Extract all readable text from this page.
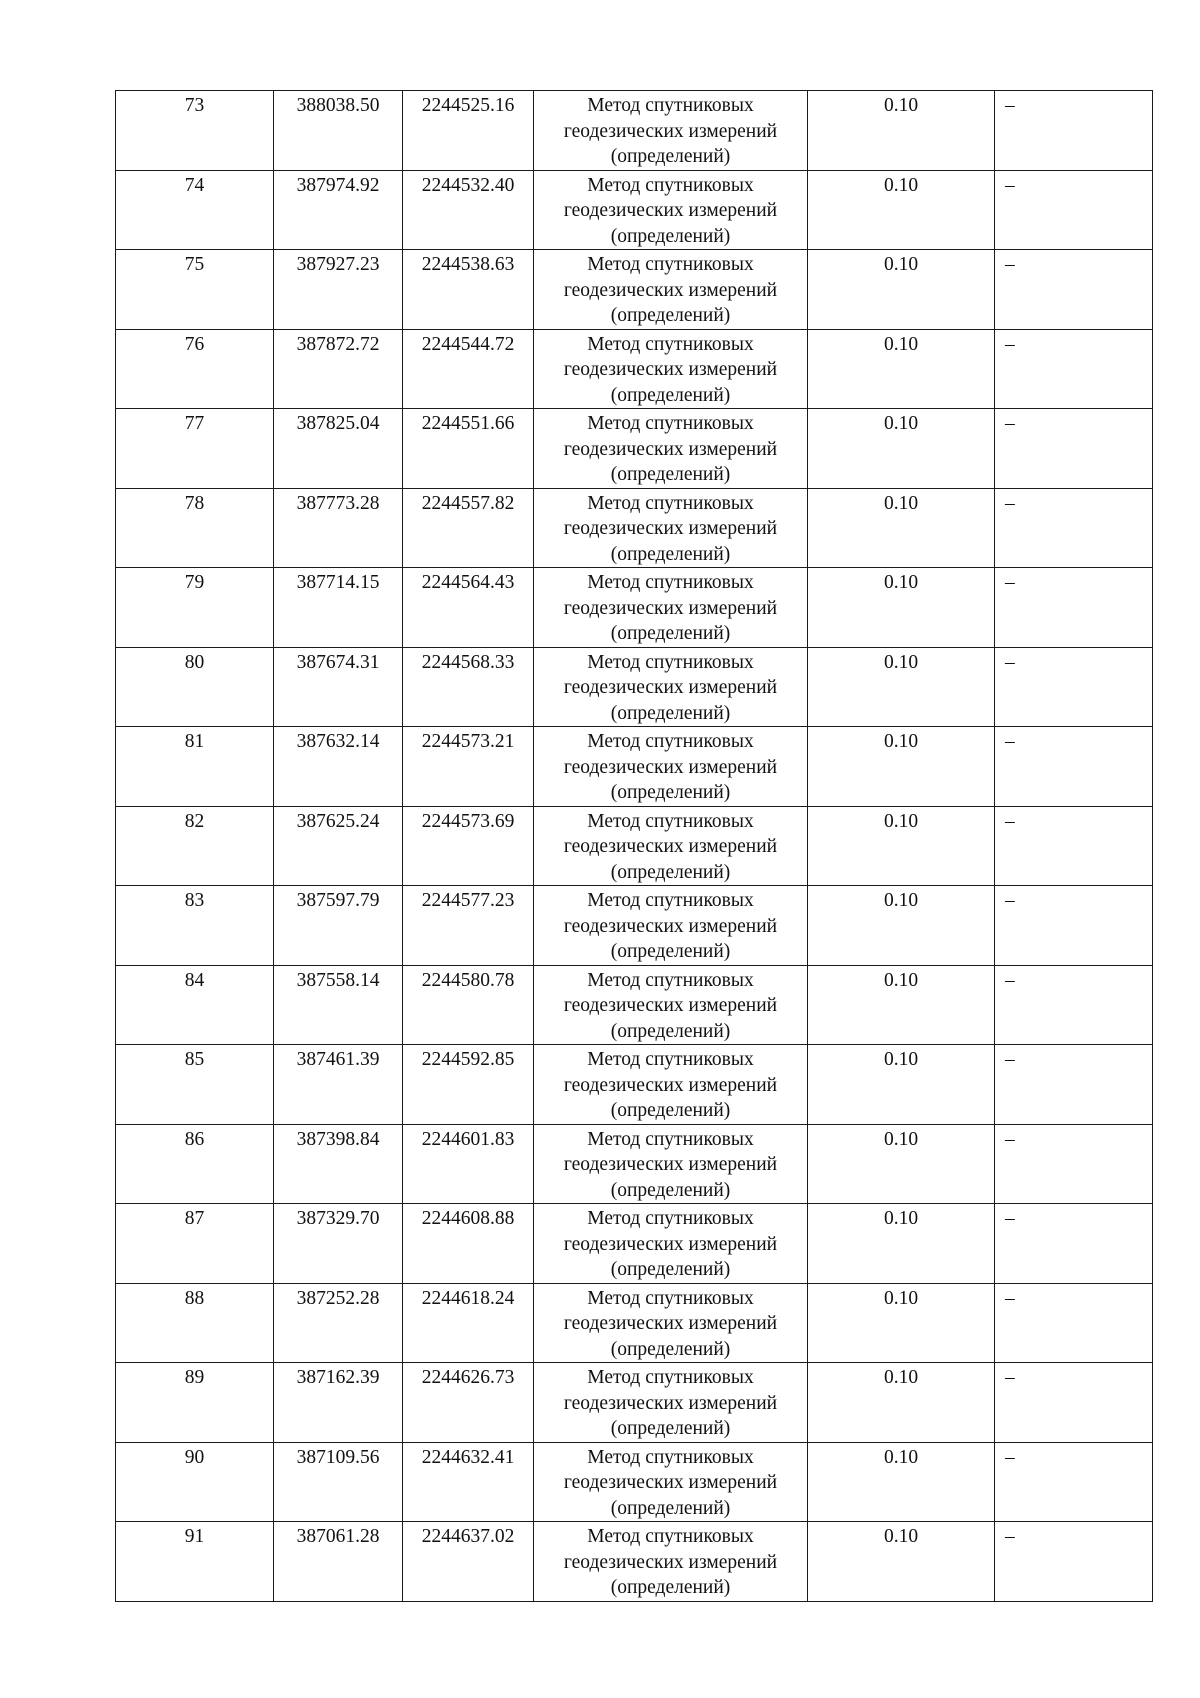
73	388038.50	2244525.16	Метод спутниковых геодезических измерений (определений)	0.10	–
74	387974.92	2244532.40	Метод спутниковых геодезических измерений (определений)	0.10	–
75	387927.23	2244538.63	Метод спутниковых геодезических измерений (определений)	0.10	–
76	387872.72	2244544.72	Метод спутниковых геодезических измерений (определений)	0.10	–
77	387825.04	2244551.66	Метод спутниковых геодезических измерений (определений)	0.10	–
78	387773.28	2244557.82	Метод спутниковых геодезических измерений (определений)	0.10	–
79	387714.15	2244564.43	Метод спутниковых геодезических измерений (определений)	0.10	–
80	387674.31	2244568.33	Метод спутниковых геодезических измерений (определений)	0.10	–
81	387632.14	2244573.21	Метод спутниковых геодезических измерений (определений)	0.10	–
82	387625.24	2244573.69	Метод спутниковых геодезических измерений (определений)	0.10	–
83	387597.79	2244577.23	Метод спутниковых геодезических измерений (определений)	0.10	–
84	387558.14	2244580.78	Метод спутниковых геодезических измерений (определений)	0.10	–
85	387461.39	2244592.85	Метод спутниковых геодезических измерений (определений)	0.10	–
86	387398.84	2244601.83	Метод спутниковых геодезических измерений (определений)	0.10	–
87	387329.70	2244608.88	Метод спутниковых геодезических измерений (определений)	0.10	–
88	387252.28	2244618.24	Метод спутниковых геодезических измерений (определений)	0.10	–
89	387162.39	2244626.73	Метод спутниковых геодезических измерений (определений)	0.10	–
90	387109.56	2244632.41	Метод спутниковых геодезических измерений (определений)	0.10	–
91	387061.28	2244637.02	Метод спутниковых геодезических измерений (определений)	0.10	–
